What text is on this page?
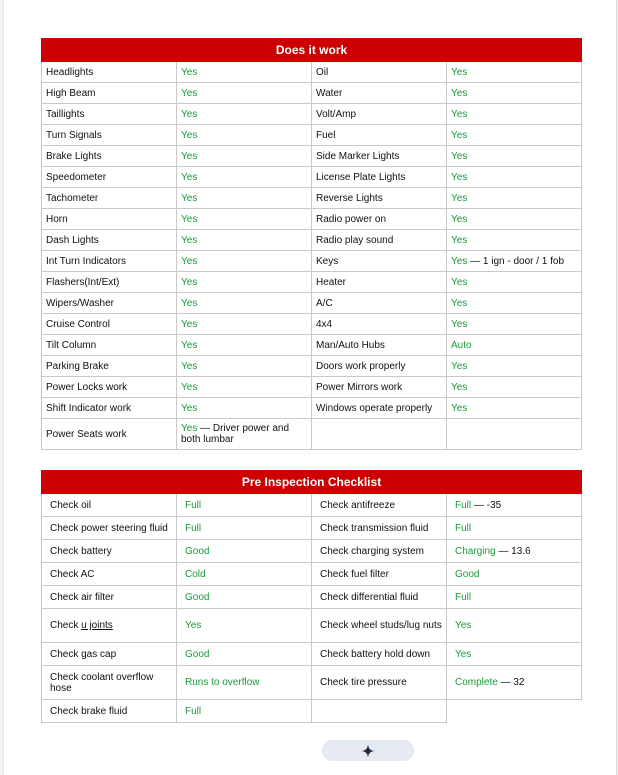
Does it work			
Headlights	Yes	Oil	Yes
High Beam	Yes	Water	Yes
Taillights	Yes	Volt/Amp	Yes
Turn Signals	Yes	Fuel	Yes
Brake Lights	Yes	Side Marker Lights	Yes
Speedometer	Yes	License Plate Lights	Yes
Tachometer	Yes	Reverse Lights	Yes
Horn	Yes	Radio power on	Yes
Dash Lights	Yes	Radio play sound	Yes
Int Turn Indicators	Yes	Keys	Yes — 1 ign - door / 1 fob
Flashers(Int/Ext)	Yes	Heater	Yes
Wipers/Washer	Yes	A/C	Yes
Cruise Control	Yes	4x4	Yes
Tilt Column	Yes	Man/Auto Hubs	Auto
Parking Brake	Yes	Doors work properly	Yes
Power Locks work	Yes	Power Mirrors work	Yes
Shift Indicator work	Yes	Windows operate properly	Yes
Power Seats work	Yes — Driver power and both lumbar		
Pre Inspection Checklist			
Check oil	Full	Check antifreeze	Full — -35
Check power steering fluid	Full	Check transmission fluid	Full
Check battery	Good	Check charging system	Charging — 13.6
Check AC	Cold	Check fuel filter	Good
Check air filter	Good	Check differential fluid	Full
Check u joints	Yes	Check wheel studs/lug nuts	Yes
Check gas cap	Good	Check battery hold down	Yes
Check coolant overflow hose	Runs to overflow	Check tire pressure	Complete — 32
Check brake fluid	Full		
